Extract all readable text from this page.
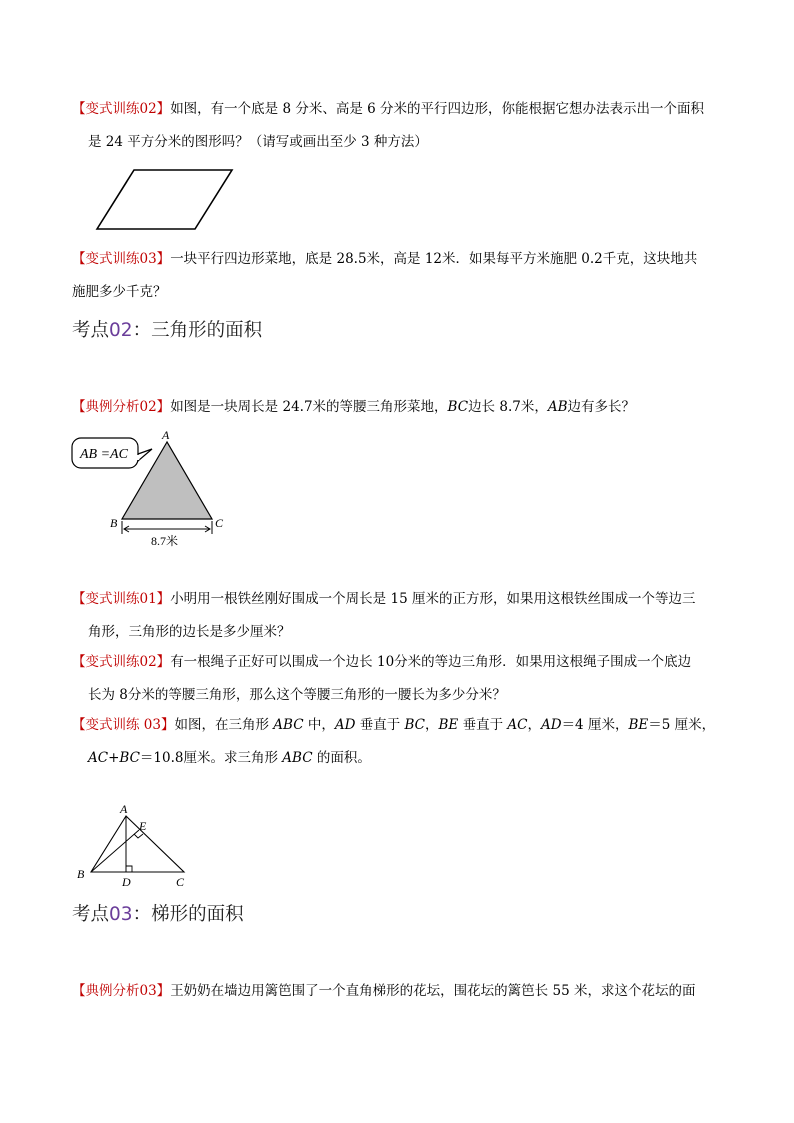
【变式训练02】如图，有一个底是 8 分米、高是 6 分米的平行四边形，你能根据它想办法表示出一个面积
是 24 平方分米的图形吗？（请写或画出至少 3 种方法）
【变式训练03】一块平行四边形菜地，底是 28.5米，高是 12米．如果每平方米施肥 0.2千克，这块地共
施肥多少千克？
考点02：三角形的面积
【典例分析02】如图是一块周长是 24.7米的等腰三角形菜地，BC边长 8.7米，AB边有多长？
AB =AC
A
B	C
8.7米
【变式训练01】小明用一根铁丝刚好围成一个周长是 15 厘米的正方形，如果用这根铁丝围成一个等边三
角形，三角形的边长是多少厘米？
【变式训练02】有一根绳子正好可以围成一个边长 10分米的等边三角形．如果用这根绳子围成一个底边
长为 8分米的等腰三角形，那么这个等腰三角形的一腰长为多少分米？
【变式训练 03】如图，在三角形 ABC 中，AD 垂直于 BC，BE 垂直于 AC，AD＝4 厘米，BE＝5 厘米，
AC+BC＝10.8厘米。求三角形 ABC 的面积。
A
E
B
D	C
考点03：梯形的面积
【典例分析03】王奶奶在墙边用篱笆围了一个直角梯形的花坛，围花坛的篱笆长 55 米，求这个花坛的面
